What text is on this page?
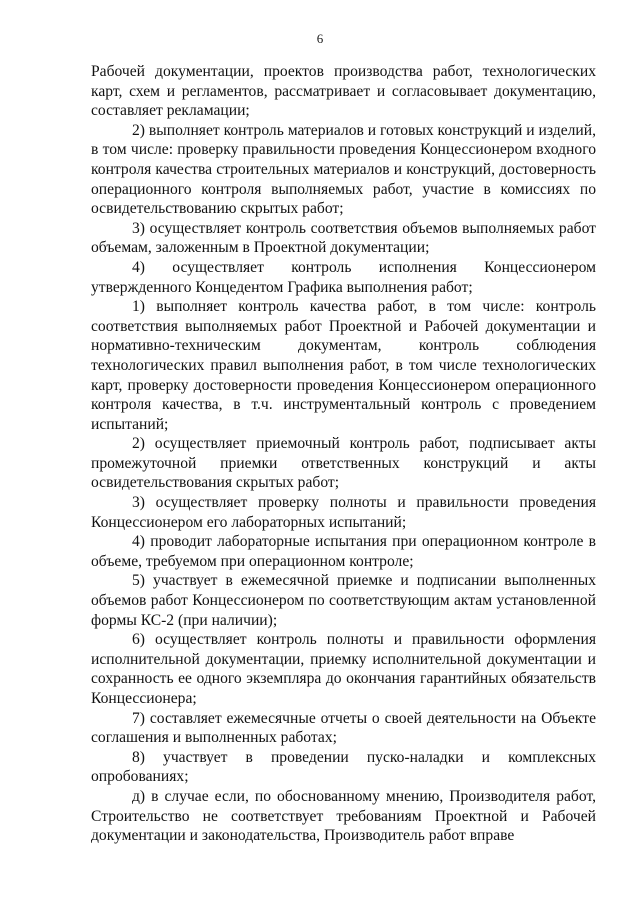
6

Рабочей документации, проектов производства работ, технологических карт, схем и регламентов, рассматривает и согласовывает документацию, составляет рекламации;

2) выполняет контроль материалов и готовых конструкций и изделий, в том числе: проверку правильности проведения Концессионером входного контроля качества строительных материалов и конструкций, достоверность операционного контроля выполняемых работ, участие в комиссиях по освидетельствованию скрытых работ;

3) осуществляет контроль соответствия объемов выполняемых работ объемам, заложенным в Проектной документации;

4) осуществляет контроль исполнения Концессионером утвержденного Концедентом Графика выполнения работ;

1) выполняет контроль качества работ, в том числе: контроль соответствия выполняемых работ Проектной и Рабочей документации и нормативно-техническим документам, контроль соблюдения технологических правил выполнения работ, в том числе технологических карт, проверку достоверности проведения Концессионером операционного контроля качества, в т.ч. инструментальный контроль с проведением испытаний;

2) осуществляет приемочный контроль работ, подписывает акты промежуточной приемки ответственных конструкций и акты освидетельствования скрытых работ;

3) осуществляет проверку полноты и правильности проведения Концессионером его лабораторных испытаний;

4) проводит лабораторные испытания при операционном контроле в объеме, требуемом при операционном контроле;

5) участвует в ежемесячной приемке и подписании выполненных объемов работ Концессионером по соответствующим актам установленной формы КС-2 (при наличии);

6) осуществляет контроль полноты и правильности оформления исполнительной документации, приемку исполнительной документации и сохранность ее одного экземпляра до окончания гарантийных обязательств Концессионера;

7) составляет ежемесячные отчеты о своей деятельности на Объекте соглашения и выполненных работах;

8) участвует в проведении пуско-наладки и комплексных опробованиях;

д) в случае если, по обоснованному мнению, Производителя работ, Строительство не соответствует требованиям Проектной и Рабочей документации и законодательства, Производитель работ вправе
